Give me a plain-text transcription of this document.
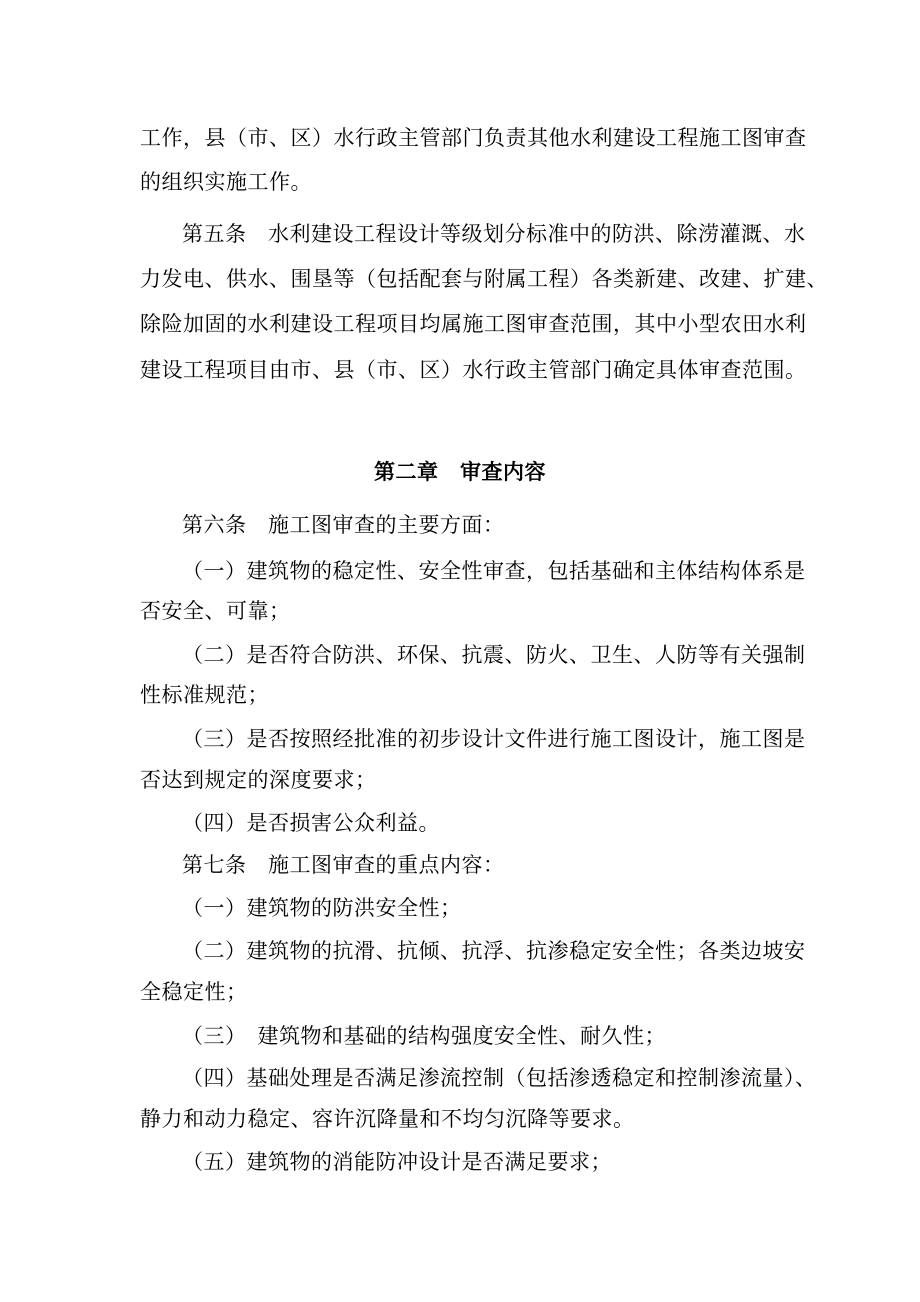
工作，县（市、区）水行政主管部门负责其他水利建设工程施工图审查
的组织实施工作。
第五条　水利建设工程设计等级划分标准中的防洪、除涝灌溉、水
力发电、供水、围垦等（包括配套与附属工程）各类新建、改建、扩建、
除险加固的水利建设工程项目均属施工图审查范围，其中小型农田水利
建设工程项目由市、县（市、区）水行政主管部门确定具体审查范围。
第二章　审查内容
第六条　施工图审查的主要方面：
（一）建筑物的稳定性、安全性审查，包括基础和主体结构体系是
否安全、可靠；
（二）是否符合防洪、环保、抗震、防火、卫生、人防等有关强制
性标准规范；
（三）是否按照经批准的初步设计文件进行施工图设计，施工图是
否达到规定的深度要求；
（四）是否损害公众利益。
第七条　施工图审查的重点内容：
（一）建筑物的防洪安全性；
（二）建筑物的抗滑、抗倾、抗浮、抗渗稳定安全性；各类边坡安
全稳定性；
（三）　建筑物和基础的结构强度安全性、耐久性；
（四）基础处理是否满足渗流控制（包括渗透稳定和控制渗流量）、
静力和动力稳定、容许沉降量和不均匀沉降等要求。
（五）建筑物的消能防冲设计是否满足要求；
